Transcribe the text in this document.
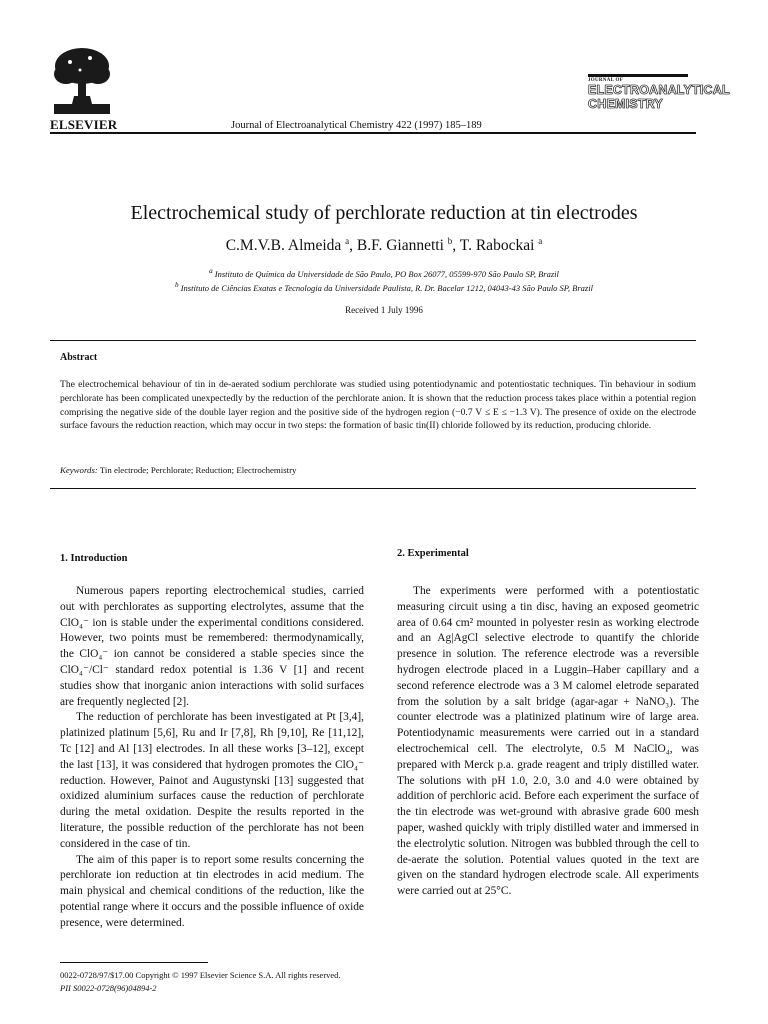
ELSEVIER	Journal of Electroanalytical Chemistry 422 (1997) 185–189
JOURNAL OF
ELECTROANALYTICAL
CHEMISTRY
Electrochemical study of perchlorate reduction at tin electrodes
C.M.V.B. Almeida $^a$, B.F. Giannetti $^b$, T. Rabockai $^a$
$^a$ Instituto de Química da Universidade de São Paulo, PO Box 26077, 05599-970 São Paulo SP, Brazil
$^b$ Instituto de Ciências Exatas e Tecnologia da Universidade Paulista, R. Dr. Bacelar 1212, 04043-43 São Paulo SP, Brazil
Received 1 July 1996
Abstract
The electrochemical behaviour of tin in de-aerated sodium perchlorate was studied using potentiodynamic and potentiostatic techniques. Tin behaviour in sodium perchlorate has been complicated unexpectedly by the reduction of the perchlorate anion. It is shown that the reduction process takes place within a potential region comprising the negative side of the double layer region and the positive side of the hydrogen region (−0.7 V ≤ E ≤ −1.3 V). The presence of oxide on the electrode surface favours the reduction reaction, which may occur in two steps: the formation of basic tin(II) chloride followed by its reduction, producing chloride.
Keywords: Tin electrode; Perchlorate; Reduction; Electrochemistry
1. Introduction

Numerous papers reporting electrochemical studies, carried out with perchlorates as supporting electrolytes, assume that the ClO₄⁻ ion is stable under the experimental conditions considered. However, two points must be remembered: thermodynamically, the ClO₄⁻ ion cannot be considered a stable species since the ClO₄⁻/Cl⁻ standard redox potential is 1.36 V [1] and recent studies show that inorganic anion interactions with solid surfaces are frequently neglected [2].

The reduction of perchlorate has been investigated at Pt [3,4], platinized platinum [5,6], Ru and Ir [7,8], Rh [9,10], Re [11,12], Tc [12] and Al [13] electrodes. In all these works [3–12], except the last [13], it was considered that hydrogen promotes the ClO₄⁻ reduction. However, Painot and Augustynski [13] suggested that oxidized aluminium surfaces cause the reduction of perchlorate during the metal oxidation. Despite the results reported in the literature, the possible reduction of the perchlorate has not been considered in the case of tin.

The aim of this paper is to report some results concerning the perchlorate ion reduction at tin electrodes in acid medium. The main physical and chemical conditions of the reduction, like the potential range where it occurs and the possible influence of oxide presence, were determined.

2. Experimental

The experiments were performed with a potentiostatic measuring circuit using a tin disc, having an exposed geometric area of 0.64 cm² mounted in polyester resin as working electrode and an Ag|AgCl selective electrode to quantify the chloride presence in solution. The reference electrode was a reversible hydrogen electrode placed in a Luggin–Haber capillary and a second reference electrode was a 3 M calomel eletrode separated from the solution by a salt bridge (agar-agar + NaNO₃). The counter electrode was a platinized platinum wire of large area. Potentiodynamic measurements were carried out in a standard electrochemical cell. The electrolyte, 0.5 M NaClO₄, was prepared with Merck p.a. grade reagent and triply distilled water. The solutions with pH 1.0, 2.0, 3.0 and 4.0 were obtained by addition of perchloric acid. Before each experiment the surface of the tin electrode was wet-ground with abrasive grade 600 mesh paper, washed quickly with triply distilled water and immersed in the electrolytic solution. Nitrogen was bubbled through the cell to de-aerate the solution. Potential values quoted in the text are given on the standard hydrogen electrode scale. All experiments were carried out at 25°C.

0022-0728/97/$17.00 Copyright © 1997 Elsevier Science S.A. All rights reserved.
PII S0022-0728(96)04894-2
